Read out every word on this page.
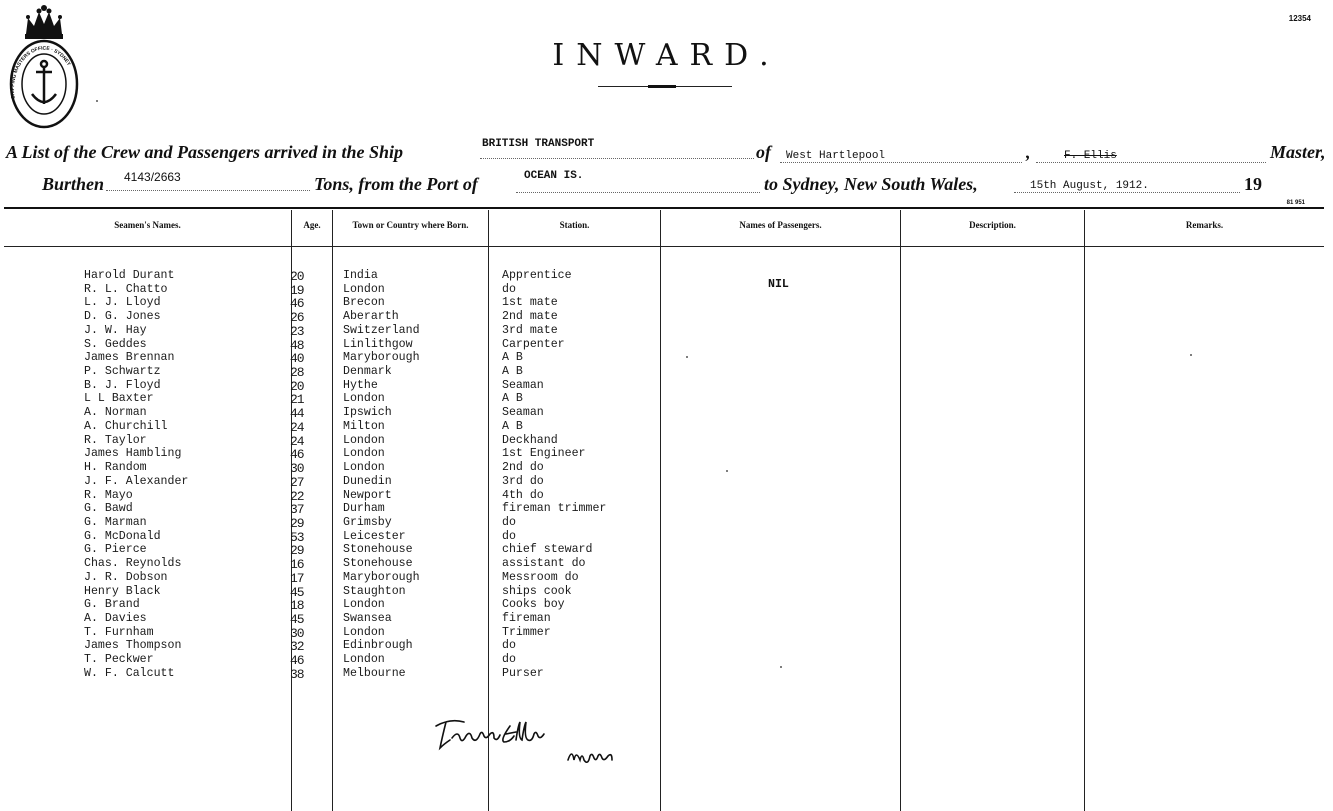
SHIPPING MASTERS OFFICE · SYDNEY
12354
81 951
INWARD.
A List of the Crew and Passengers arrived in the Ship	BRITISH TRANSPORT	of West Hartlepool	,	F. Ellis	Master,
Burthen 4143/2663	Tons, from the Port of	OCEAN IS.	to Sydney, New South Wales,	15th August, 1912.	19
Seamen's Names.	Age.	Town or Country where Born.	Station.	Names of Passengers.	Description.	Remarks.
Harold Durant	20	India	Apprentice
R. L. Chatto	19	London	do
L. J. Lloyd	46	Brecon	1st mate
D. G. Jones	26	Aberarth	2nd mate
J. W. Hay	23	Switzerland	3rd mate
S. Geddes	48	Linlithgow	Carpenter
James Brennan	40	Maryborough	A B
P. Schwartz	28	Denmark	A B
B. J. Floyd	20	Hythe	Seaman
L L Baxter	21	London	A B
A. Norman	44	Ipswich	Seaman
A. Churchill	24	Milton	A B
R. Taylor	24	London	Deckhand
James Hambling	46	London	1st Engineer
H. Random	30	London	2nd do
J. F. Alexander	27	Dunedin	3rd do
R. Mayo	22	Newport	4th do
G. Bawd	37	Durham	fireman trimmer
G. Marman	29	Grimsby	do
G. McDonald	53	Leicester	do
G. Pierce	29	Stonehouse	chief steward
Chas. Reynolds	16	Stonehouse	assistant do
J. R. Dobson	17	Maryborough	Messroom do
Henry Black	45	Staughton	ships cook
G. Brand	18	London	Cooks boy
A. Davies	45	Swansea	fireman
T. Furnham	30	London	Trimmer
James Thompson	32	Edinbrough	do
T. Peckwer	46	London	do
W. F. Calcutt	38	Melbourne	Purser
NIL
